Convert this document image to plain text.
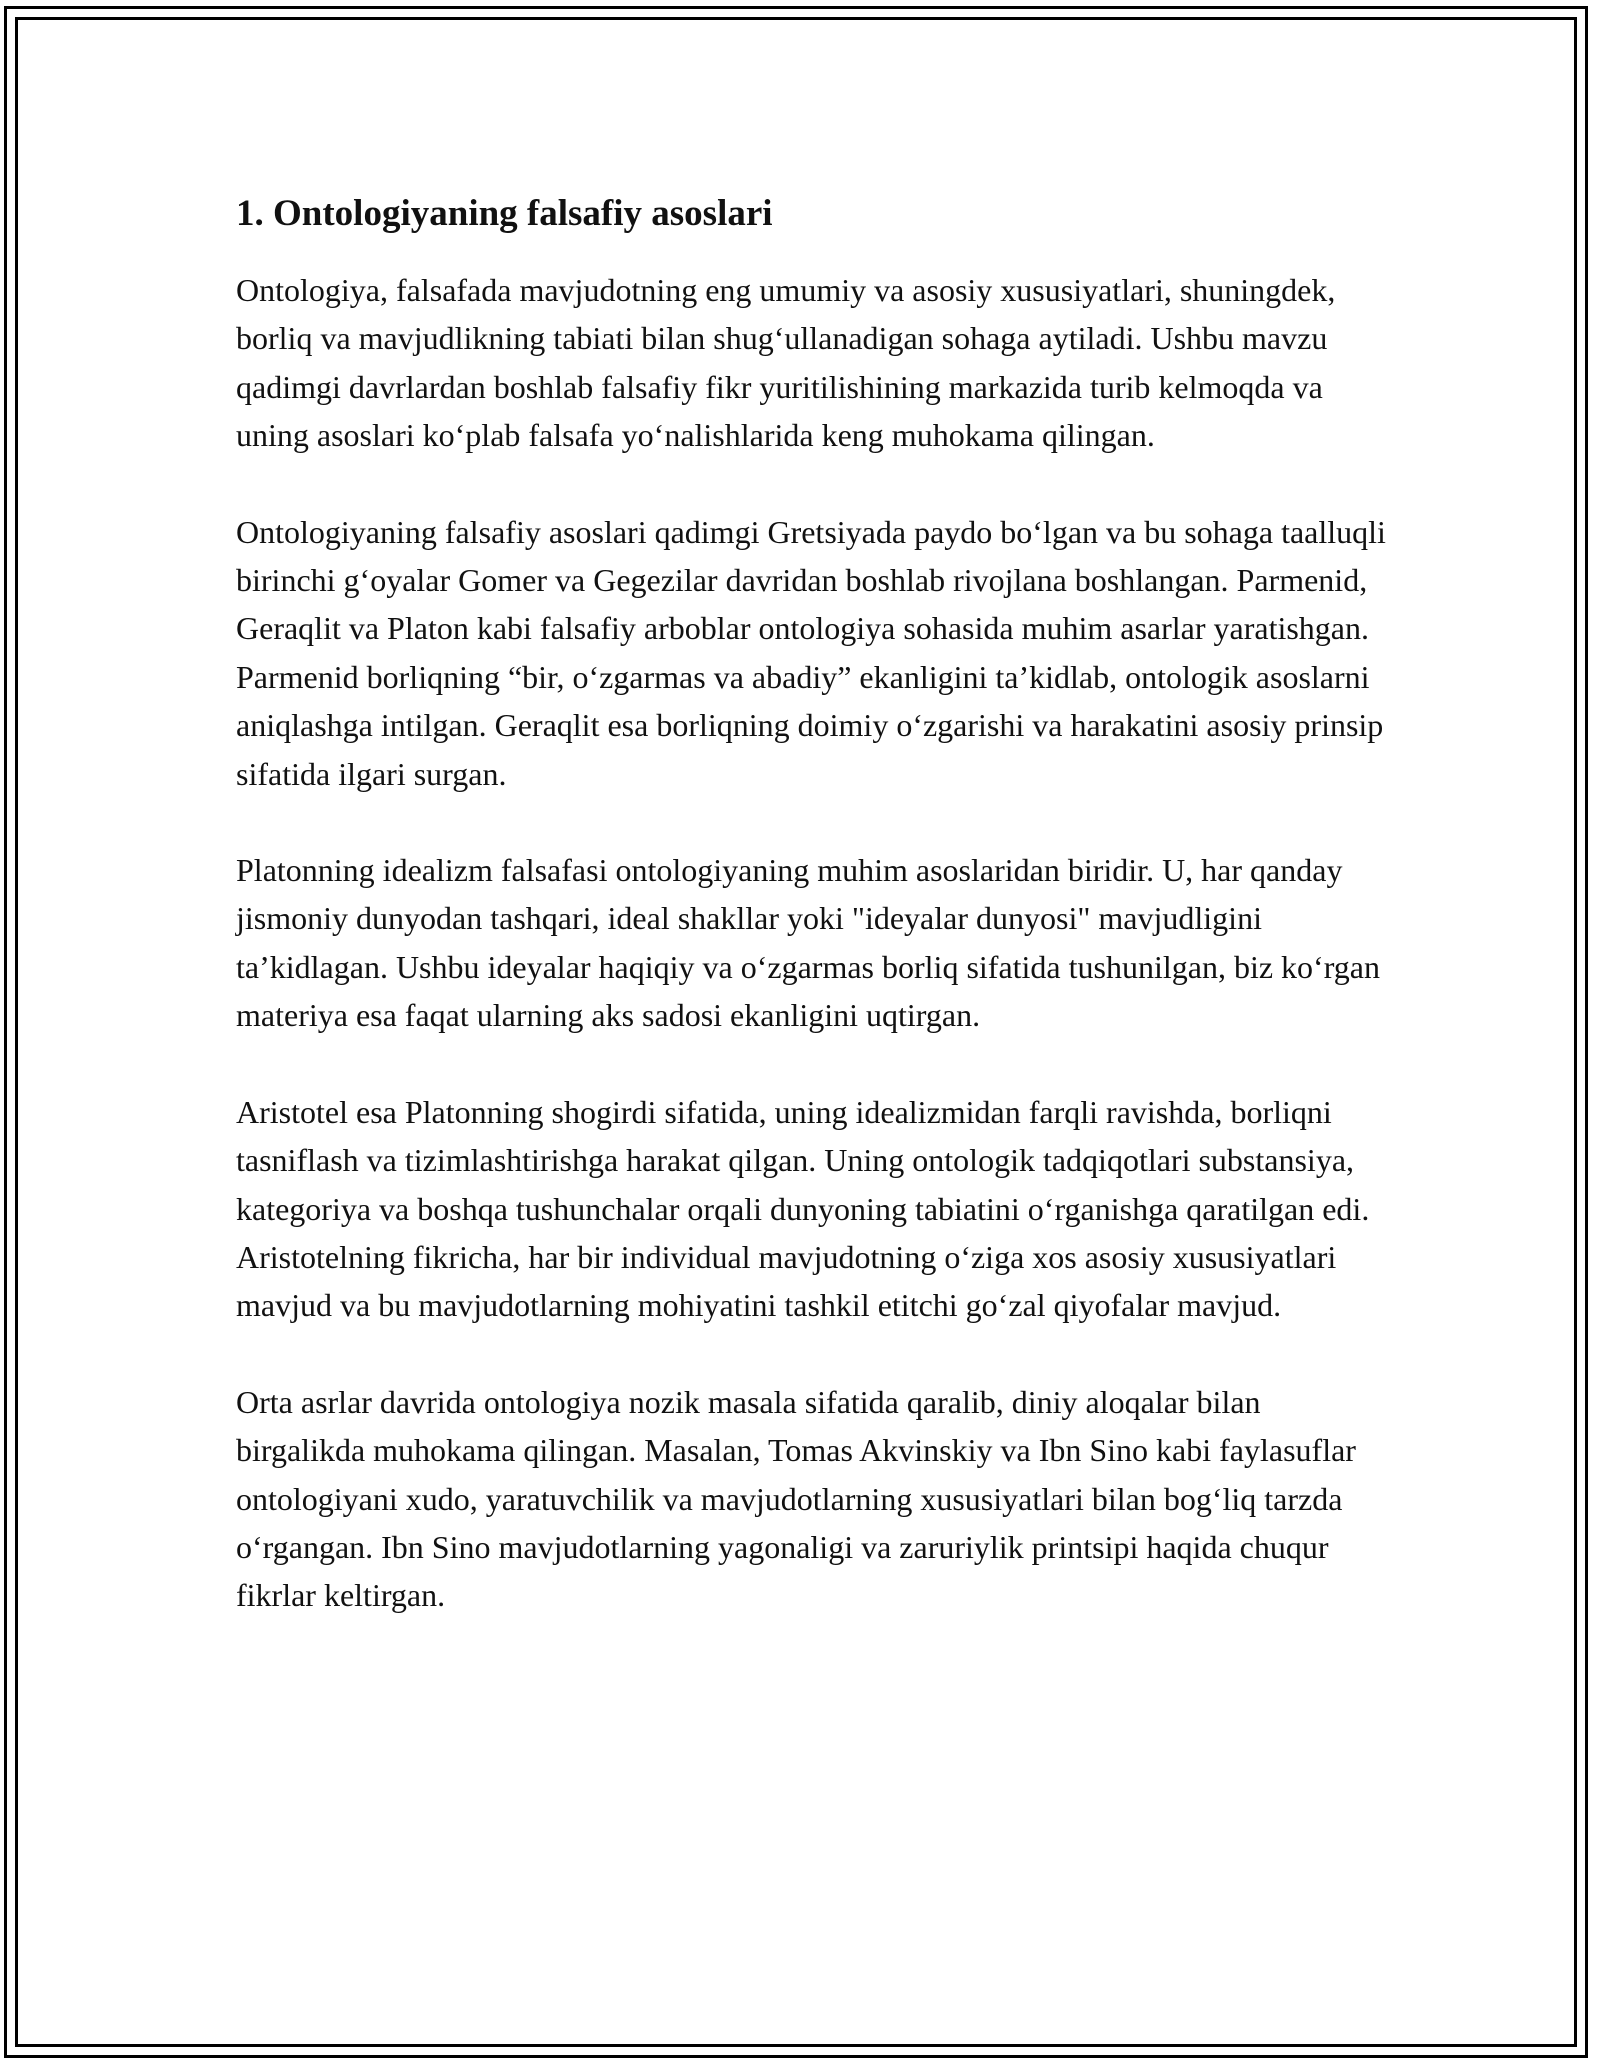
1. Ontologiyaning falsafiy asoslari

Ontologiya, falsafada mavjudotning eng umumiy va asosiy xususiyatlari, shuningdek, borliq va mavjudlikning tabiati bilan shug‘ullanadigan sohaga aytiladi. Ushbu mavzu qadimgi davrlardan boshlab falsafiy fikr yuritilishining markazida turib kelmoqda va uning asoslari ko‘plab falsafa yo‘nalishlarida keng muhokama qilingan.

Ontologiyaning falsafiy asoslari qadimgi Gretsiyada paydo bo‘lgan va bu sohaga taalluqli birinchi g‘oyalar Gomer va Gegezilar davridan boshlab rivojlana boshlangan. Parmenid, Geraqlit va Platon kabi falsafiy arboblar ontologiya sohasida muhim asarlar yaratishgan. Parmenid borliqning “bir, o‘zgarmas va abadiy” ekanligini ta’kidlab, ontologik asoslarni aniqlashga intilgan. Geraqlit esa borliqning doimiy o‘zgarishi va harakatini asosiy prinsip sifatida ilgari surgan.

Platonning idealizm falsafasi ontologiyaning muhim asoslaridan biridir. U, har qanday jismoniy dunyodan tashqari, ideal shakllar yoki "ideyalar dunyosi" mavjudligini ta’kidlagan. Ushbu ideyalar haqiqiy va o‘zgarmas borliq sifatida tushunilgan, biz ko‘rgan materiya esa faqat ularning aks sadosi ekanligini uqtirgan.

Aristotel esa Platonning shogirdi sifatida, uning idealizmidan farqli ravishda, borliqni tasniflash va tizimlashtirishga harakat qilgan. Uning ontologik tadqiqotlari substansiya, kategoriya va boshqa tushunchalar orqali dunyoning tabiatini o‘rganishga qaratilgan edi. Aristotelning fikricha, har bir individual mavjudotning o‘ziga xos asosiy xususiyatlari mavjud va bu mavjudotlarning mohiyatini tashkil etitchi go‘zal qiyofalar mavjud.

Orta asrlar davrida ontologiya nozik masala sifatida qaralib, diniy aloqalar bilan birgalikda muhokama qilingan. Masalan, Tomas Akvinskiy va Ibn Sino kabi faylasuflar ontologiyani xudo, yaratuvchilik va mavjudotlarning xususiyatlari bilan bog‘liq tarzda o‘rgangan. Ibn Sino mavjudotlarning yagonaligi va zaruriylik printsipi haqida chuqur fikrlar keltirgan.
